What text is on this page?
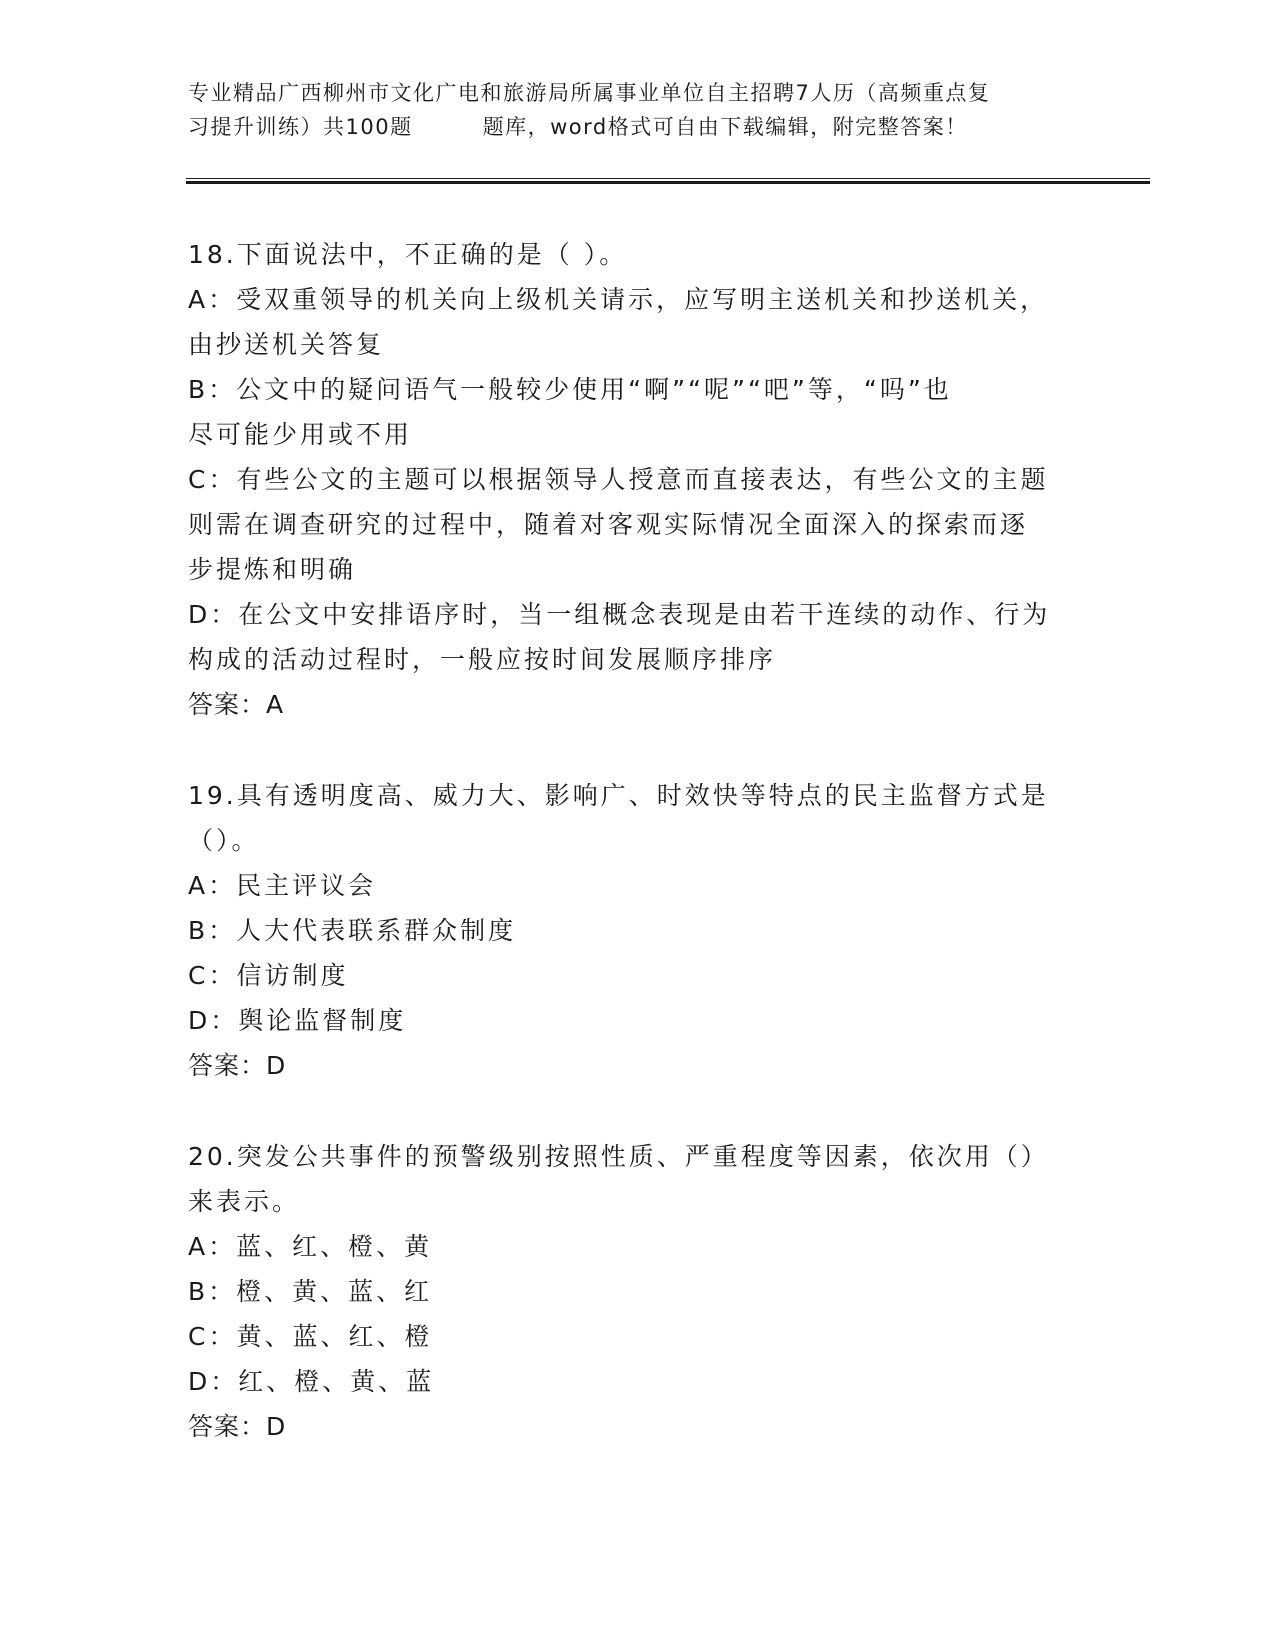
专业精品广西柳州市文化广电和旅游局所属事业单位自主招聘7人历（高频重点复
习提升训练）共100题	题库，word格式可自由下载编辑，附完整答案！

18.下面说法中，不正确的是（ ）。

A：受双重领导的机关向上级机关请示，应写明主送机关和抄送机关，

由抄送机关答复

B：公文中的疑问语气一般较少使用“啊”“呢”“吧”等，“吗”也

尽可能少用或不用

C：有些公文的主题可以根据领导人授意而直接表达，有些公文的主题

则需在调查研究的过程中，随着对客观实际情况全面深入的探索而逐

步提炼和明确

D：在公文中安排语序时，当一组概念表现是由若干连续的动作、行为

构成的活动过程时，一般应按时间发展顺序排序

答案：A

19.具有透明度高、威力大、影响广、时效快等特点的民主监督方式是

（）。

A：民主评议会

B：人大代表联系群众制度

C：信访制度

D：舆论监督制度

答案：D

20.突发公共事件的预警级别按照性质、严重程度等因素，依次用（）

来表示。

A：蓝、红、橙、黄

B：橙、黄、蓝、红

C：黄、蓝、红、橙

D：红、橙、黄、蓝

答案：D
